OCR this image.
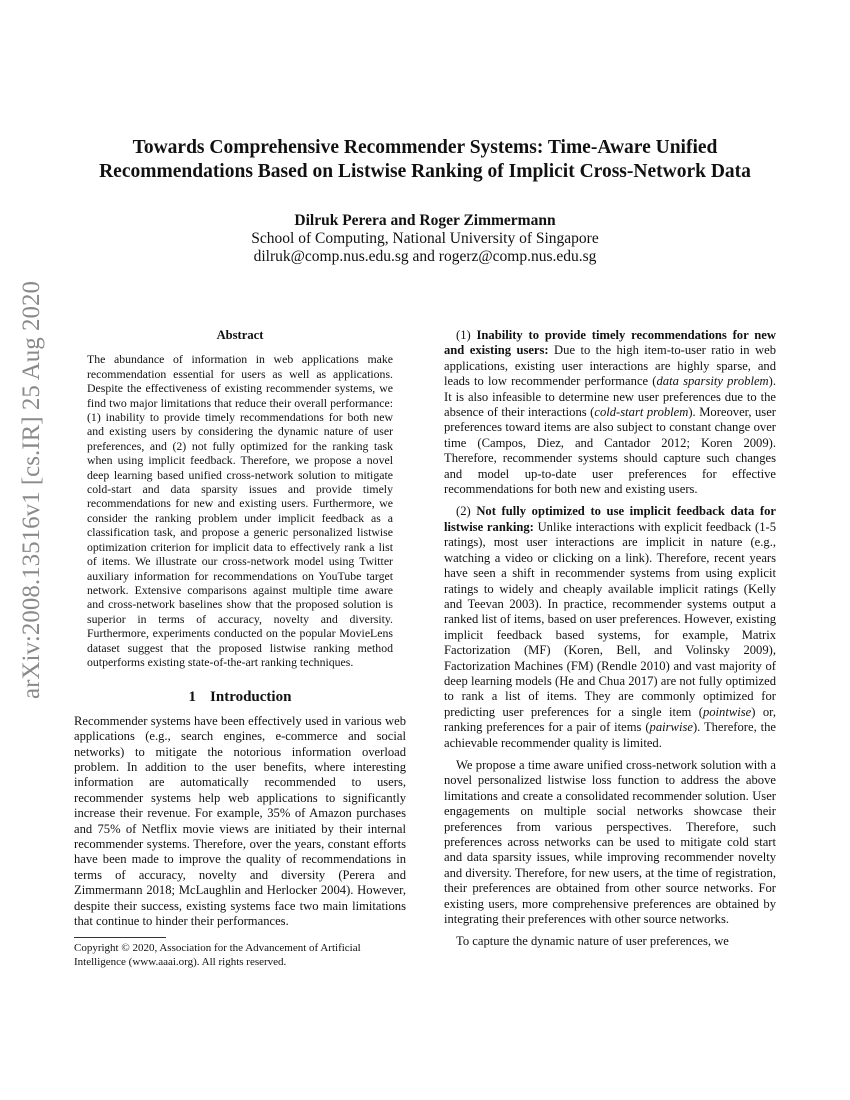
Towards Comprehensive Recommender Systems: Time-Aware Unified
Recommendations Based on Listwise Ranking of Implicit Cross-Network Data
Dilruk Perera and Roger Zimmermann
School of Computing, National University of Singapore
dilruk@comp.nus.edu.sg and rogerz@comp.nus.edu.sg
arXiv:2008.13516v1 [cs.IR] 25 Aug 2020	Abstract

The abundance of information in web applications make recommendation essential for users as well as applications. Despite the effectiveness of existing recommender systems, we find two major limitations that reduce their overall performance: (1) inability to provide timely recommendations for both new and existing users by considering the dynamic nature of user preferences, and (2) not fully optimized for the ranking task when using implicit feedback. Therefore, we propose a novel deep learning based unified cross-network solution to mitigate cold-start and data sparsity issues and provide timely recommendations for new and existing users. Furthermore, we consider the ranking problem under implicit feedback as a classification task, and propose a generic personalized listwise optimization criterion for implicit data to effectively rank a list of items. We illustrate our cross-network model using Twitter auxiliary information for recommendations on YouTube target network. Extensive comparisons against multiple time aware and cross-network baselines show that the proposed solution is superior in terms of accuracy, novelty and diversity. Furthermore, experiments conducted on the popular MovieLens dataset suggest that the proposed listwise ranking method outperforms existing state-of-the-art ranking techniques.

1 Introduction

Recommender systems have been effectively used in various web applications (e.g., search engines, e-commerce and social networks) to mitigate the notorious information overload problem. In addition to the user benefits, where interesting information are automatically recommended to users, recommender systems help web applications to significantly increase their revenue. For example, 35% of Amazon purchases and 75% of Netflix movie views are initiated by their internal recommender systems. Therefore, over the years, constant efforts have been made to improve the quality of recommendations in terms of accuracy, novelty and diversity (Perera and Zimmermann 2018; McLaughlin and Herlocker 2004). However, despite their success, existing systems face two main limitations that continue to hinder their performances.

Copyright © 2020, Association for the Advancement of Artificial Intelligence (www.aaai.org). All rights reserved.

(1) Inability to provide timely recommendations for new and existing users: Due to the high item-to-user ratio in web applications, existing user interactions are highly sparse, and leads to low recommender performance (data sparsity problem). It is also infeasible to determine new user preferences due to the absence of their interactions (cold-start problem). Moreover, user preferences toward items are also subject to constant change over time (Campos, Diez, and Cantador 2012; Koren 2009). Therefore, recommender systems should capture such changes and model up-to-date user preferences for effective recommendations for both new and existing users.

(2) Not fully optimized to use implicit feedback data for listwise ranking: Unlike interactions with explicit feedback (1-5 ratings), most user interactions are implicit in nature (e.g., watching a video or clicking on a link). Therefore, recent years have seen a shift in recommender systems from using explicit ratings to widely and cheaply available implicit ratings (Kelly and Teevan 2003). In practice, recommender systems output a ranked list of items, based on user preferences. However, existing implicit feedback based systems, for example, Matrix Factorization (MF) (Koren, Bell, and Volinsky 2009), Factorization Machines (FM) (Rendle 2010) and vast majority of deep learning models (He and Chua 2017) are not fully optimized to rank a list of items. They are commonly optimized for predicting user preferences for a single item (pointwise) or, ranking preferences for a pair of items (pairwise). Therefore, the achievable recommender quality is limited.

We propose a time aware unified cross-network solution with a novel personalized listwise loss function to address the above limitations and create a consolidated recommender solution. User engagements on multiple social networks showcase their preferences from various perspectives. Therefore, such preferences across networks can be used to mitigate cold start and data sparsity issues, while improving recommender novelty and diversity. Therefore, for new users, at the time of registration, their preferences are obtained from other source networks. For existing users, more comprehensive preferences are obtained by integrating their preferences with other source networks.

To capture the dynamic nature of user preferences, we
